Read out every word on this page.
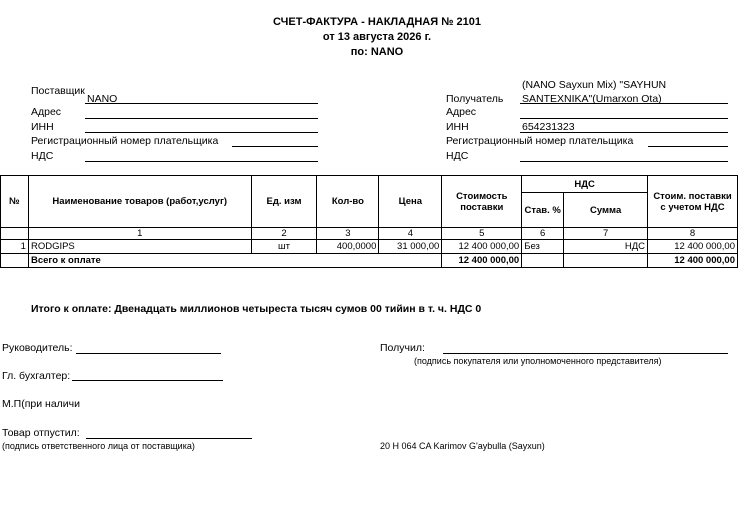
СЧЕТ-ФАКТУРА - НАКЛАДНАЯ № 2101
от 13 августа 2026 г.
по: NANO
Поставщик
NANO
Адрес
ИНН
Регистрационный номер плательщика
НДС
(NANO Sayxun Mix) "SAYHUN
Получатель SANTEXNIKA"(Umarxon Ota)
Адрес
ИНН	654231323
Регистрационный номер плательщика
НДС
№	Наименование товаров (работ,услуг)	Ед. изм	Кол-во	Цена	Стоимость поставки	НДС		Стоим. поставки с учетом НДС
						Став. %	Сумма	
	1	2	3	4	5	6	7	8
1	RODGIPS	шт	400,0000	31 000,00	12 400 000,00	Без	НДС	12 400 000,00
	Всего к оплате				12 400 000,00			12 400 000,00
Итого к оплате: Двенадцать миллионов четыреста тысяч сумов 00 тийин в т. ч. НДС 0
Руководитель:	Получил:
(подпись покупателя или уполномоченного представителя)
Гл. бухгалтер:
М.П(при наличи
Товар отпустил:
(подпись ответственного лица от поставщика)	20 H 064 CA Karimov G'aybulla (Sayxun)
